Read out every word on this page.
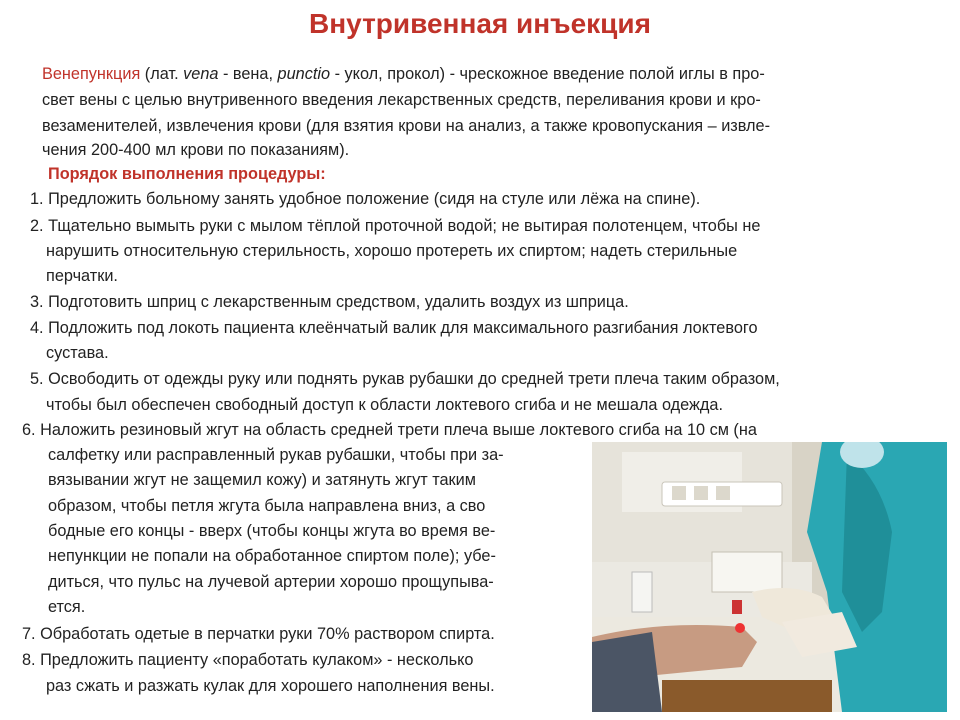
Внутривенная инъекция
Венепункция (лат. vena - вена, punctio - укол, прокол) - чрескожное введение полой иглы в про-
свет вены с целью внутривенного введения лекарственных средств, переливания крови и кро-
везаменителей, извлечения крови (для взятия крови на анализ, а также кровопускания – извле-
чения 200-400 мл крови по показаниям).
Порядок выполнения процедуры:
1. Предложить больному занять удобное положение (сидя на стуле или лёжа на спине).
2. Тщательно вымыть руки с мылом тёплой проточной водой; не вытирая полотенцем, чтобы не
нарушить относительную стерильность, хорошо протереть их спиртом; надеть стерильные
перчатки.
3. Подготовить шприц с лекарственным средством, удалить воздух из шприца.
4. Подложить под локоть пациента клеёнчатый валик для максимального разгибания локтевого
сустава.
5. Освободить от одежды руку или поднять рукав рубашки до средней трети плеча таким образом,
чтобы был обеспечен свободный доступ к области локтевого сгиба и не мешала одежда.
6. Наложить резиновый жгут на область средней трети плеча выше локтевого сгиба на 10 см (на
салфетку или расправленный рукав рубашки, чтобы при за-
вязывании жгут не защемил кожу) и затянуть жгут таким
образом, чтобы петля жгута была направлена вниз, а сво
бодные его концы - вверх (чтобы концы жгута во время ве-
непункции не попали на обработанное спиртом поле); убе-
диться, что пульс на лучевой артерии хорошо прощупыва-
ется.
7. Обработать одетые в перчатки руки 70% раствором спирта.
8. Предложить пациенту «поработать кулаком» - несколько
раз сжать и разжать кулак для хорошего наполнения вены.
